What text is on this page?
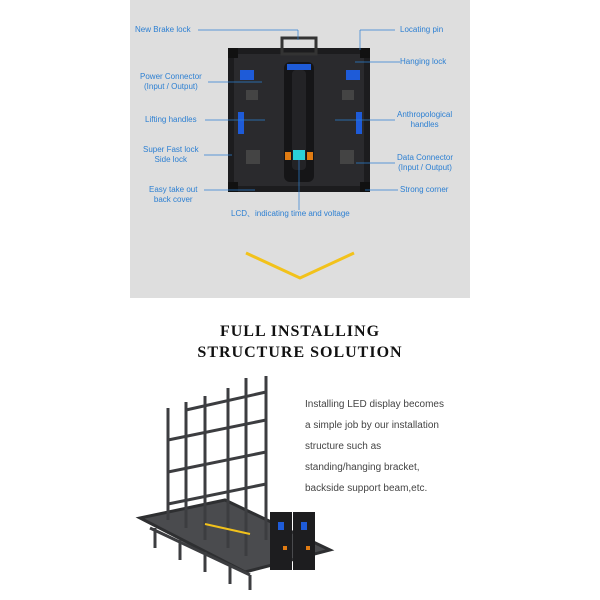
New Brake lock
Power Connector
(Input / Output)
Lifting handles
Super Fast lock
Side lock
Easy take out
back cover
Locating pin
Hanging lock
Anthropological
handles
Data Connector
(Input / Output)
Strong corner
LCD、indicating time and voltage
FULL INSTALLING
STRUCTURE SOLUTION
Installing LED display becomes
a simple job by our installation
structure such as
standing/hanging bracket,
backside support beam,etc.
